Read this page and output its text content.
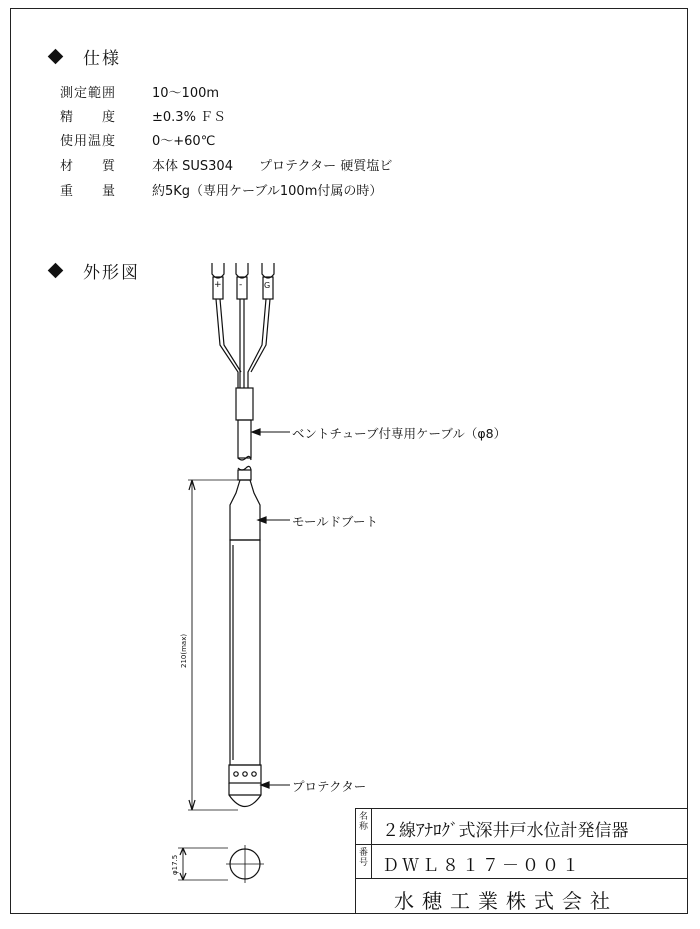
仕様
測定範囲	10～100m
精　　度	±0.3% ＦＳ
使用温度	0～+60℃
材　　質	本体 SUS304　　プロテクター 硬質塩ビ
重　　量	約5Kg（専用ケーブル100m付属の時）
外形図
+ -	G
ベントチューブ付専用ケーブル（φ8）
モールドブート
プロテクター
210(max)
φ17.5
名称 ２線ｱﾅﾛｸﾞ式深井戸水位計発信器
番号 ＤＷＬ８１７－００１
水穂工業株式会社
